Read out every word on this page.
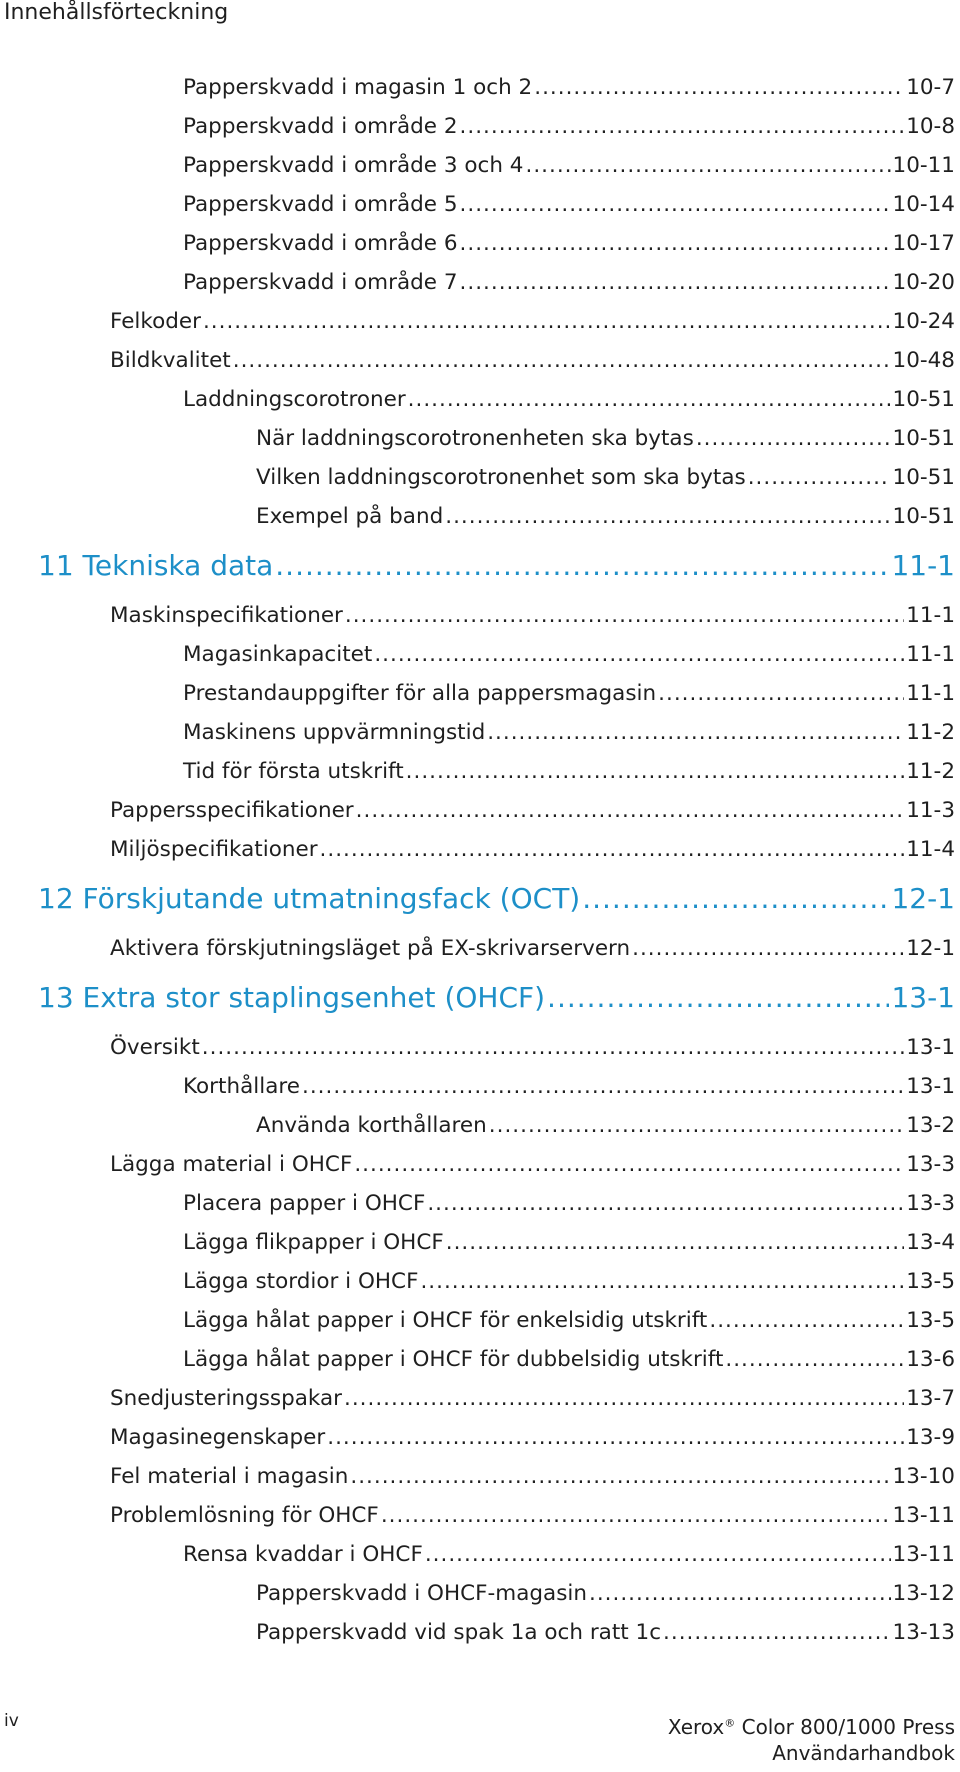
Innehållsförteckning
Papperskvadd i magasin 1 och 2 .....	10-7
Papperskvadd i område 2 .....	10-8
Papperskvadd i område 3 och 4 .....	10-11
Papperskvadd i område 5 .....	10-14
Papperskvadd i område 6 .....	10-17
Papperskvadd i område 7 .....	10-20
Felkoder .....	10-24
Bildkvalitet .....	10-48
Laddningscorotroner .....	10-51
När laddningscorotronenheten ska bytas .....	10-51
Vilken laddningscorotronenhet som ska bytas .....	10-51
Exempel på band .....	10-51
11 Tekniska data .....	11-1
Maskinspecifikationer .....	11-1
Magasinkapacitet .....	11-1
Prestandauppgifter för alla pappersmagasin .....	11-1
Maskinens uppvärmningstid .....	11-2
Tid för första utskrift .....	11-2
Pappersspecifikationer .....	11-3
Miljöspecifikationer .....	11-4
12 Förskjutande utmatningsfack (OCT) .....	12-1
Aktivera förskjutningsläget på EX-skrivarservern .....	12-1
13 Extra stor staplingsenhet (OHCF) .....	13-1
Översikt .....	13-1
Korthållare .....	13-1
Använda korthållaren .....	13-2
Lägga material i OHCF .....	13-3
Placera papper i OHCF .....	13-3
Lägga flikpapper i OHCF .....	13-4
Lägga stordior i OHCF .....	13-5
Lägga hålat papper i OHCF för enkelsidig utskrift .....	13-5
Lägga hålat papper i OHCF för dubbelsidig utskrift .....	13-6
Snedjusteringsspakar .....	13-7
Magasinegenskaper .....	13-9
Fel material i magasin .....	13-10
Problemlösning för OHCF .....	13-11
Rensa kvaddar i OHCF .....	13-11
Papperskvadd i OHCF-magasin .....	13-12
Papperskvadd vid spak 1a och ratt 1c .....	13-13
iv	Xerox® Color 800/1000 Press
Användarhandbok
